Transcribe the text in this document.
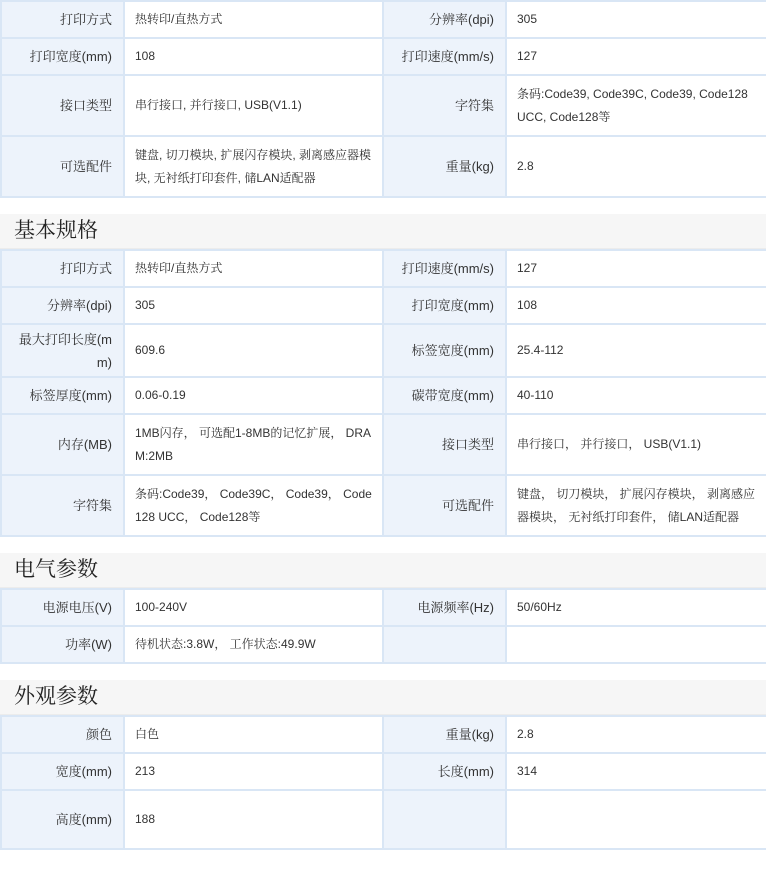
打印方式	热转印/直热方式	分辨率(dpi)	305
打印宽度(mm)	108	打印速度(mm/s)	127
接口类型	串行接口, 并行接口, USB(V1.1)	字符集	条码:Code39, Code39C, Code39, Code128 UCC, Code128等
可选配件	键盘, 切刀模块, 扩展闪存模块, 剥离感应器模块, 无衬纸打印套件, 储LAN适配器	重量(kg)	2.8
基本规格
打印方式	热转印/直热方式	打印速度(mm/s)	127
分辨率(dpi)	305	打印宽度(mm)	108
最大打印长度(mm)	609.6	标签宽度(mm)	25.4-112
标签厚度(mm)	0.06-0.19	碳带宽度(mm)	40-110
内存(MB)	1MB闪存， 可选配1-8MB的记忆扩展， DRAM:2MB	接口类型	串行接口， 并行接口， USB(V1.1)
字符集	条码:Code39， Code39C， Code39， Code128 UCC， Code128等	可选配件	键盘， 切刀模块， 扩展闪存模块， 剥离感应器模块， 无衬纸打印套件， 储LAN适配器
电气参数
电源电压(V)	100-240V	电源频率(Hz)	50/60Hz
功率(W)	待机状态:3.8W， 工作状态:49.9W		
外观参数
颜色	白色	重量(kg)	2.8
宽度(mm)	213	长度(mm)	314
高度(mm)	188		
